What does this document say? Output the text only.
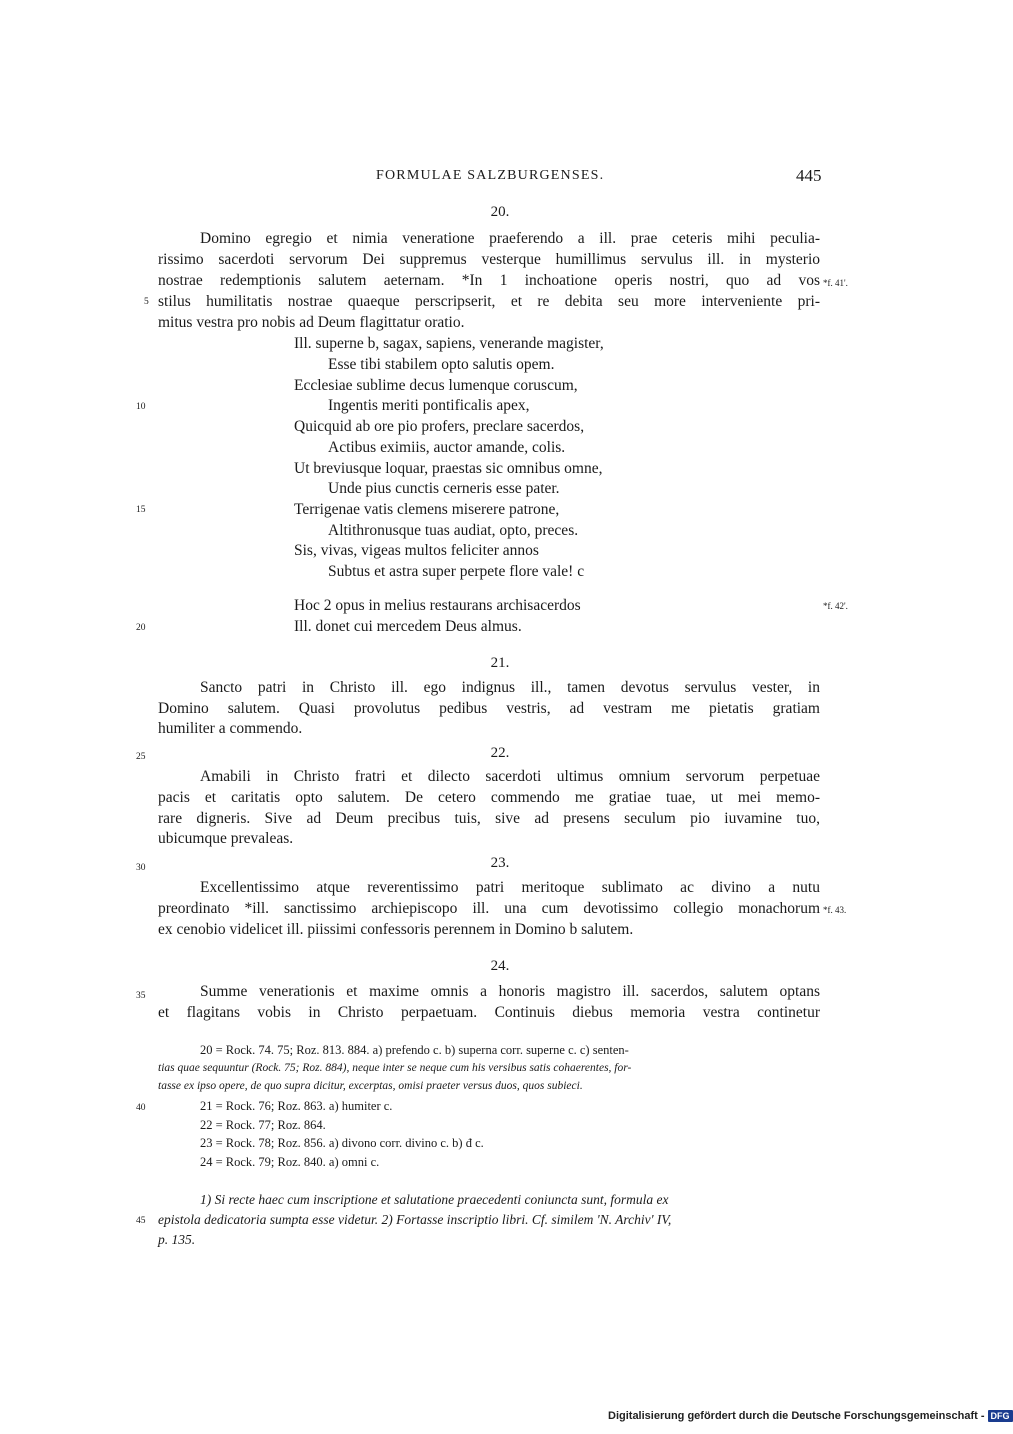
FORMULAE SALZBURGENSES.	445
20.
Domino egregio et nimia veneratione praeferendo a ill. prae ceteris mihi peculia-
rissimo sacerdoti servorum Dei suppremus vesterque humillimus servulus ill. in mysterio
nostrae redemptionis salutem aeternam. *In 1 inchoatione operis nostri, quo ad vos
stilus humilitatis nostrae quaeque perscripserit, et re debita seu more interveniente pri-
mitus vestra pro nobis ad Deum flagittatur oratio.
Ill. superne b, sagax, sapiens, venerande magister,
Esse tibi stabilem opto salutis opem.
Ecclesiae sublime decus lumenque coruscum,
Ingentis meriti pontificalis apex,
Quicquid ab ore pio profers, preclare sacerdos,
Actibus eximiis, auctor amande, colis.
Ut breviusque loquar, praestas sic omnibus omne,
Unde pius cunctis cerneris esse pater.
Terrigenae vatis clemens miserere patrone,
Altithronusque tuas audiat, opto, preces.
Sis, vivas, vigeas multos feliciter annos
Subtus et astra super perpete flore vale! c
Hoc 2 opus in melius restaurans archisacerdos
Ill. donet cui mercedem Deus almus.
21.
Sancto patri in Christo ill. ego indignus ill., tamen devotus servulus vester, in
Domino salutem. Quasi provolutus pedibus vestris, ad vestram me pietatis gratiam
humiliter a commendo.
22.
Amabili in Christo fratri et dilecto sacerdoti ultimus omnium servorum perpetuae
pacis et caritatis opto salutem. De cetero commendo me gratiae tuae, ut mei memo-
rare digneris. Sive ad Deum precibus tuis, sive ad presens seculum pio iuvamine tuo,
ubicumque prevaleas.
23.
Excellentissimo atque reverentissimo patri meritoque sublimato ac divino a nutu
preordinato *ill. sanctissimo archiepiscopo ill. una cum devotissimo collegio monachorum
ex cenobio videlicet ill. piissimi confessoris perennem in Domino b salutem.
24.
Summe venerationis et maxime omnis a honoris magistro ill. sacerdos, salutem optans
et flagitans vobis in Christo perpaetuam. Continuis diebus memoria vestra continetur
5
10
15
20
25
30
35
40
45
*f. 41'.
*f. 42'.
*f. 43.
20 = Rock. 74. 75; Roz. 813. 884. a) prefendo c. b) superna corr. superne c. c) senten-
tias quae sequuntur (Rock. 75; Roz. 884), neque inter se neque cum his versibus satis cohaerentes, for-
tasse ex ipso opere, de quo supra dicitur, excerptas, omisi praeter versus duos, quos subieci.
21 = Rock. 76; Roz. 863. a) humiter c.
22 = Rock. 77; Roz. 864.
23 = Rock. 78; Roz. 856. a) divono corr. divino c. b) đ c.
24 = Rock. 79; Roz. 840. a) omni c.
1) Si recte haec cum inscriptione et salutatione praecedenti coniuncta sunt, formula ex
epistola dedicatoria sumpta esse videtur. 2) Fortasse inscriptio libri. Cf. similem 'N. Archiv' IV,
p. 135.
Digitalisierung gefördert durch die Deutsche Forschungsgemeinschaft - DFG
